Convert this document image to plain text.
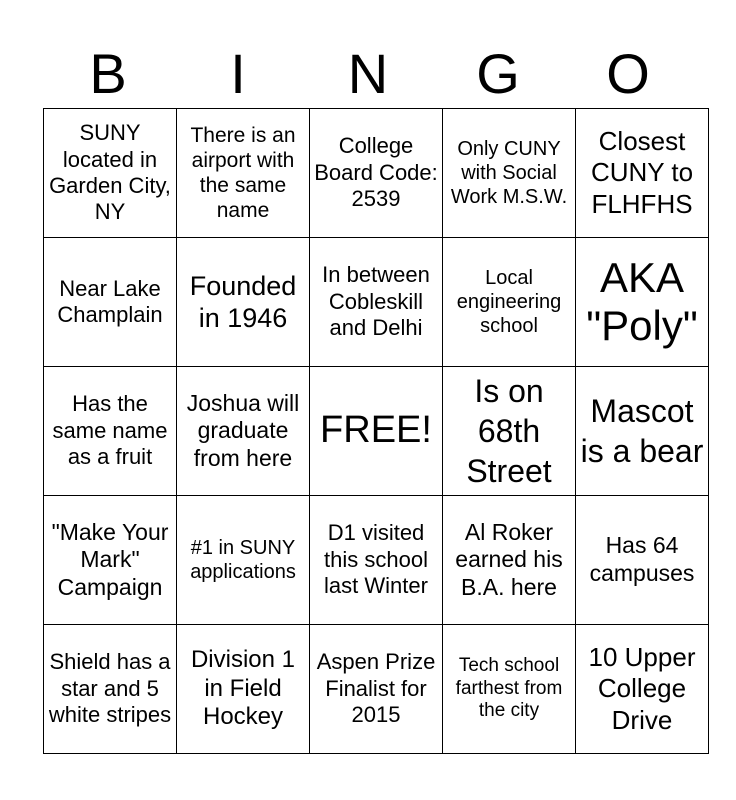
B	I	N	G	O
SUNY located in Garden City, NY	There is an airport with the same name	College Board Code: 2539	Only CUNY with Social Work M.S.W.	Closest CUNY to FLHFHS
Near Lake Champlain	Founded in 1946	In between Cobleskill and Delhi	Local engineering school	AKA "Poly"
Has the same name as a fruit	Joshua will graduate from here	FREE!	Is on 68th Street	Mascot is a bear
"Make Your Mark" Campaign	#1 in SUNY applications	D1 visited this school last Winter	Al Roker earned his B.A. here	Has 64 campuses
Shield has a star and 5 white stripes	Division 1 in Field Hockey	Aspen Prize Finalist for 2015	Tech school farthest from the city	10 Upper College Drive
